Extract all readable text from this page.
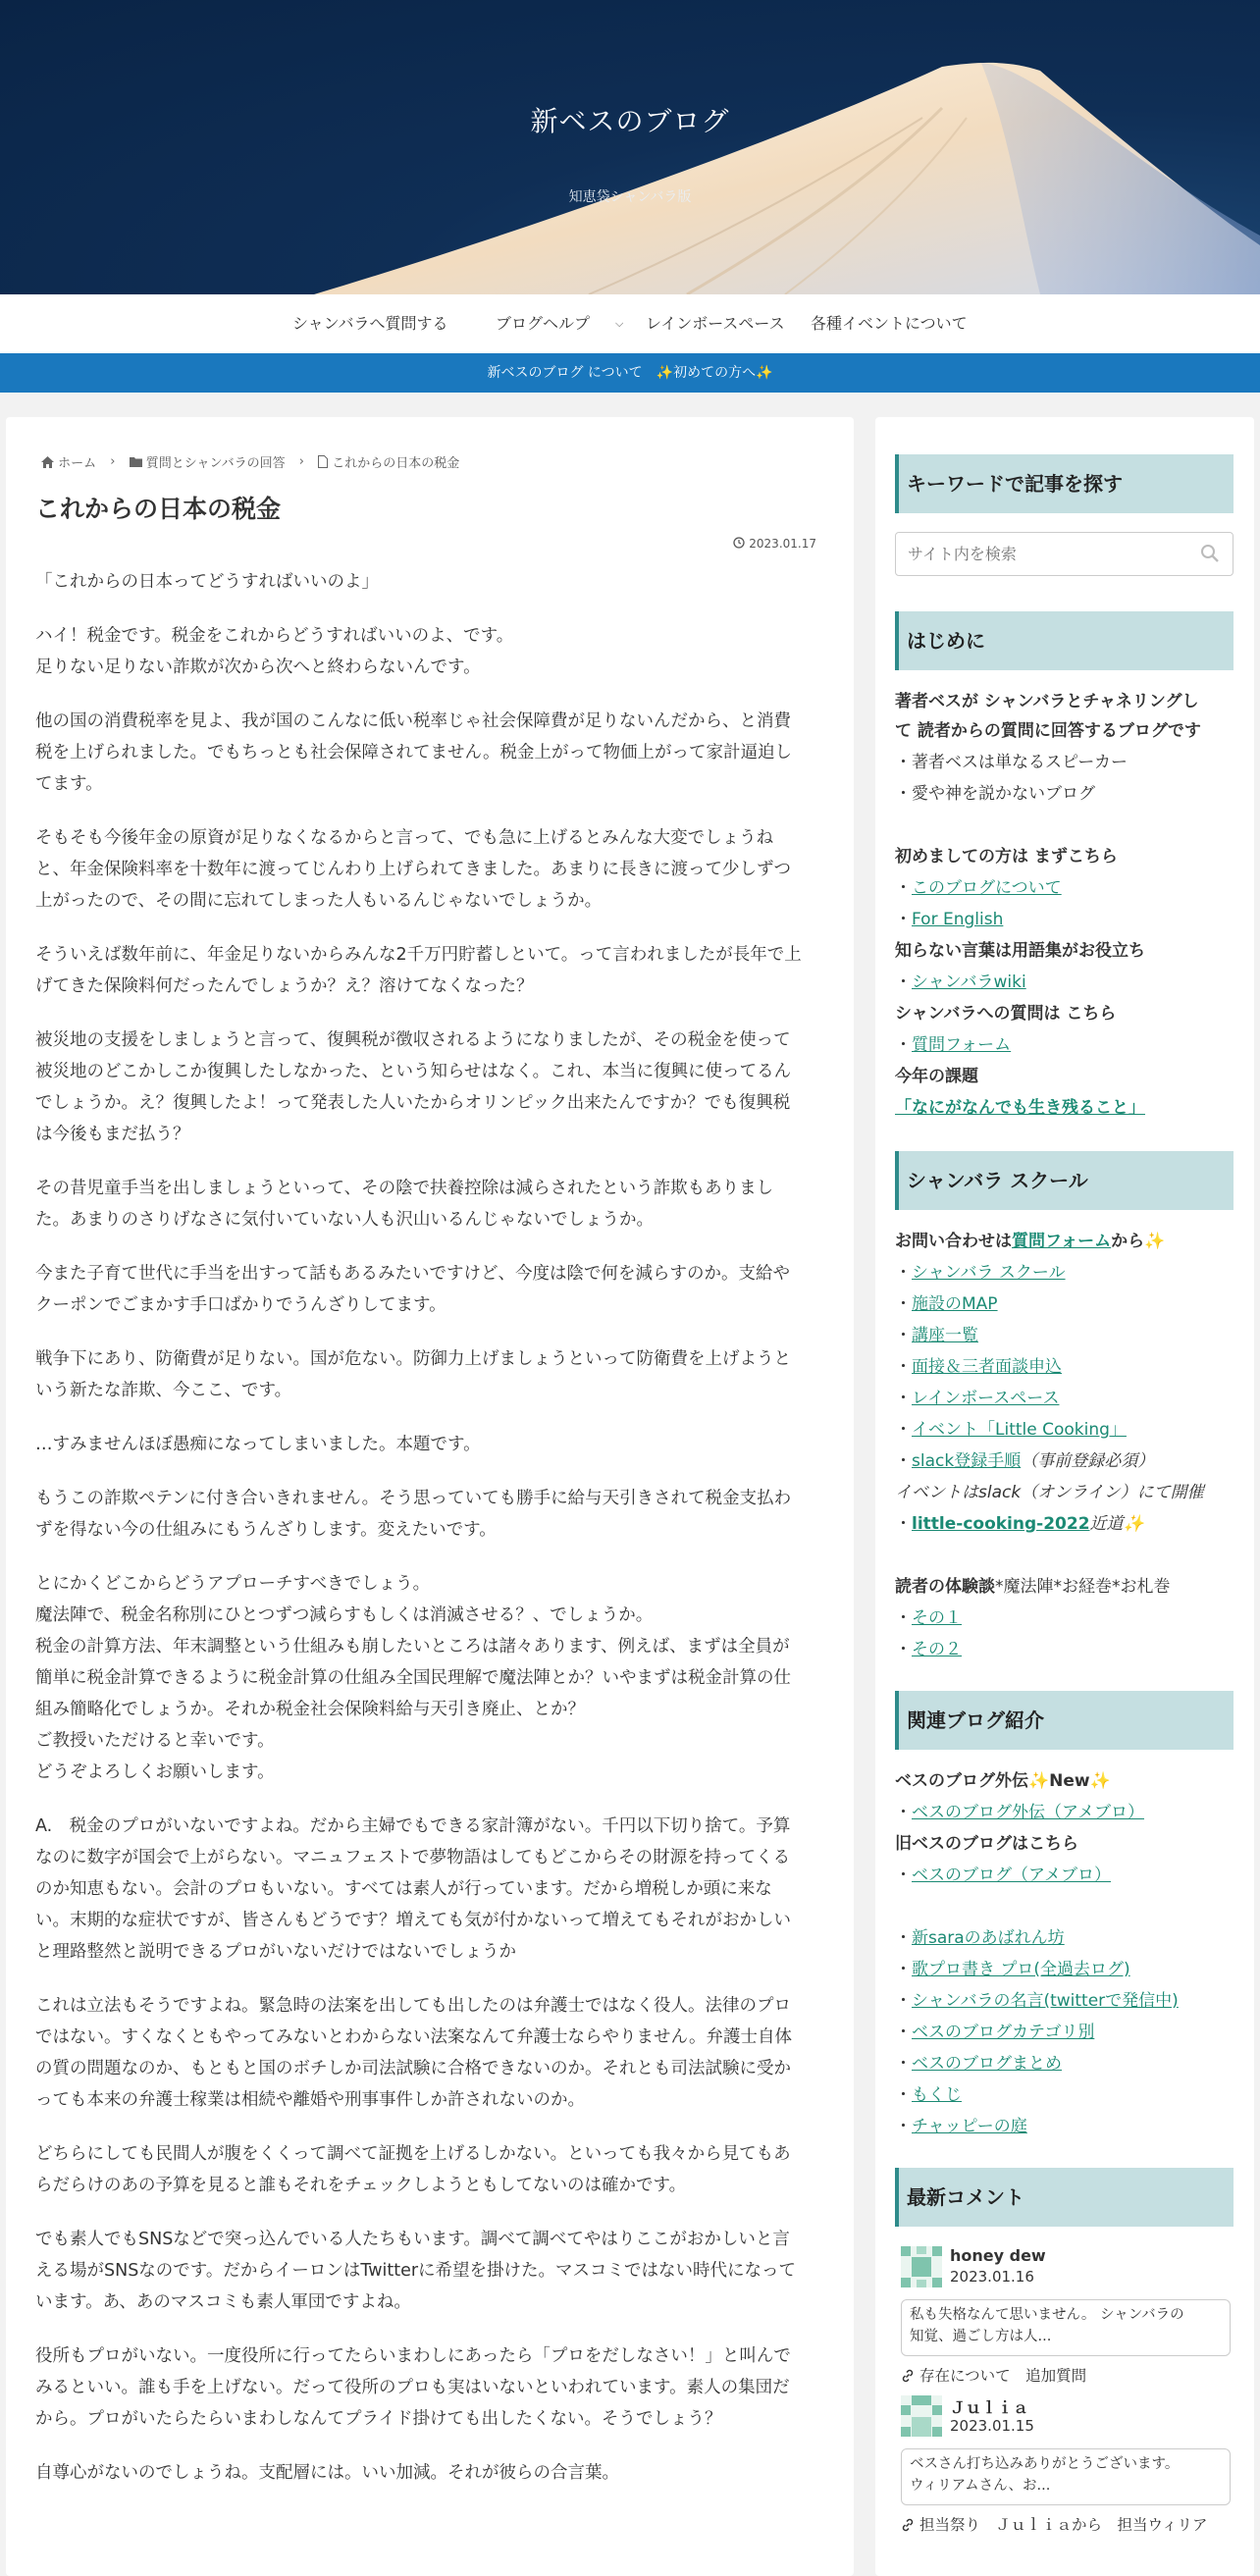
新ベスのブログ
知恵袋シャンバラ版
シャンバラへ質問する	ブログヘルプ ⌵ レインボースペース 各種イベントについて
新ベスのブログ について　✨初めての方へ✨
ホーム › 質問とシャンバラの回答 › これからの日本の税金
これからの日本の税金
2023.01.17

「これからの日本ってどうすればいいのよ」

ハイ！税金です。税金をこれからどうすればいいのよ、です。
足りない足りない詐欺が次から次へと終わらないんです。

他の国の消費税率を見よ、我が国のこんなに低い税率じゃ社会保障費が足りないんだから、と消費
税を上げられました。でもちっとも社会保障されてません。税金上がって物価上がって家計逼迫し
てます。

そもそも今後年金の原資が足りなくなるからと言って、でも急に上げるとみんな大変でしょうね
と、年金保険料率を十数年に渡ってじんわり上げられてきました。あまりに長きに渡って少しずつ
上がったので、その間に忘れてしまった人もいるんじゃないでしょうか。

そういえば数年前に、年金足りないからみんな2千万円貯蓄しといて。って言われましたが長年で上
げてきた保険料何だったんでしょうか？え？溶けてなくなった？

被災地の支援をしましょうと言って、復興税が徴収されるようになりましたが、その税金を使って
被災地のどこかしこか復興したしなかった、という知らせはなく。これ、本当に復興に使ってるん
でしょうか。え？復興したよ！って発表した人いたからオリンピック出来たんですか？でも復興税
は今後もまだ払う？

その昔児童手当を出しましょうといって、その陰で扶養控除は減らされたという詐欺もありまし
た。あまりのさりげなさに気付いていない人も沢山いるんじゃないでしょうか。

今また子育て世代に手当を出すって話もあるみたいですけど、今度は陰で何を減らすのか。支給や
クーポンでごまかす手口ばかりでうんざりしてます。

戦争下にあり、防衛費が足りない。国が危ない。防御力上げましょうといって防衛費を上げようと
いう新たな詐欺、今ここ、です。

…すみませんほぼ愚痴になってしまいました。本題です。

もうこの詐欺ペテンに付き合いきれません。そう思っていても勝手に給与天引きされて税金支払わ
ずを得ない今の仕組みにもうんざりします。変えたいです。

とにかくどこからどうアプローチすべきでしょう。
魔法陣で、税金名称別にひとつずつ減らすもしくは消滅させる？、でしょうか。
税金の計算方法、年末調整という仕組みも崩したいところは諸々あります、例えば、まずは全員が
簡単に税金計算できるように税金計算の仕組み全国民理解で魔法陣とか？いやまずは税金計算の仕
組み簡略化でしょうか。それか税金社会保険料給与天引き廃止、とか？
ご教授いただけると幸いです。
どうぞよろしくお願いします。

A.　税金のプロがいないですよね。だから主婦でもできる家計簿がない。千円以下切り捨て。予算
なのに数字が国会で上がらない。マニュフェストで夢物語はしてもどこからその財源を持ってくる
のか知恵もない。会計のプロもいない。すべては素人が行っています。だから増税しか頭に来な
い。末期的な症状ですが、皆さんもどうです？増えても気が付かないって増えてもそれがおかしい
と理路整然と説明できるプロがいないだけではないでしょうか

これは立法もそうですよね。緊急時の法案を出しても出したのは弁護士ではなく役人。法律のプロ
ではない。すくなくともやってみないとわからない法案なんて弁護士ならやりません。弁護士自体
の質の問題なのか、もともと国のボチしか司法試験に合格できないのか。それとも司法試験に受か
っても本来の弁護士稼業は相続や離婚や刑事事件しか許されないのか。

どちらにしても民間人が腹をくくって調べて証拠を上げるしかない。といっても我々から見てもあ
らだらけのあの予算を見ると誰もそれをチェックしようともしてないのは確かです。

でも素人でもSNSなどで突っ込んでいる人たちもいます。調べて調べてやはりここがおかしいと言
える場がSNSなのです。だからイーロンはTwitterに希望を掛けた。マスコミではない時代になって
います。あ、あのマスコミも素人軍団ですよね。

役所もプロがいない。一度役所に行ってたらいまわしにあったら「プロをだしなさい！」と叫んで
みるといい。誰も手を上げない。だって役所のプロも実はいないといわれています。素人の集団だ
から。プロがいたらたらいまわしなんてプライド掛けても出したくない。そうでしょう？

自尊心がないのでしょうね。支配層には。いい加減。それが彼らの合言葉。

キーワードで記事を探す
サイト内を検索
はじめに
著者ベスが シャンバラとチャネリングし
て 読者からの質問に回答するブログです
・著者ベスは単なるスピーカー
・愛や神を説かないブログ
初めましての方は まずこちら
・このブログについて
・For English
知らない言葉は用語集がお役立ち
・シャンバラwiki
シャンバラへの質問は こちら
・質問フォーム
今年の課題
「なにがなんでも生き残ること」
シャンバラ スクール
お問い合わせは質問フォームから✨
・シャンバラ スクール
・施設のMAP
・講座一覧
・面接＆三者面談申込
・レインボースペース
・イベント「Little Cooking」
・slack登録手順（事前登録必須）
イベントはslack（オンライン）にて開催
・little-cooking-2022近道✨
読者の体験談*魔法陣*お経巻*お札巻
・その１
・その２
関連ブログ紹介
ベスのブログ外伝✨New✨
・ベスのブログ外伝（アメブロ）
旧ベスのブログはこちら
・ベスのブログ（アメブロ）
・新saraのあばれん坊
・歌プロ書き プロ(全過去ログ)
・シャンバラの名言(twitterで発信中)
・ベスのブログカテゴリ別
・ベスのブログまとめ
・もくじ
・チャッピーの庭
最新コメント
honey dew
2023.01.16
私も失格なんて思いません。 シャンバラの
知覚、過ごし方は人...
存在について　追加質問
Ｊｕｌｉａ
2023.01.15
ベスさん打ち込みありがとうございます。
ウィリアムさん、お...
担当祭り　Ｊｕｌｉａから　担当ウィリア
